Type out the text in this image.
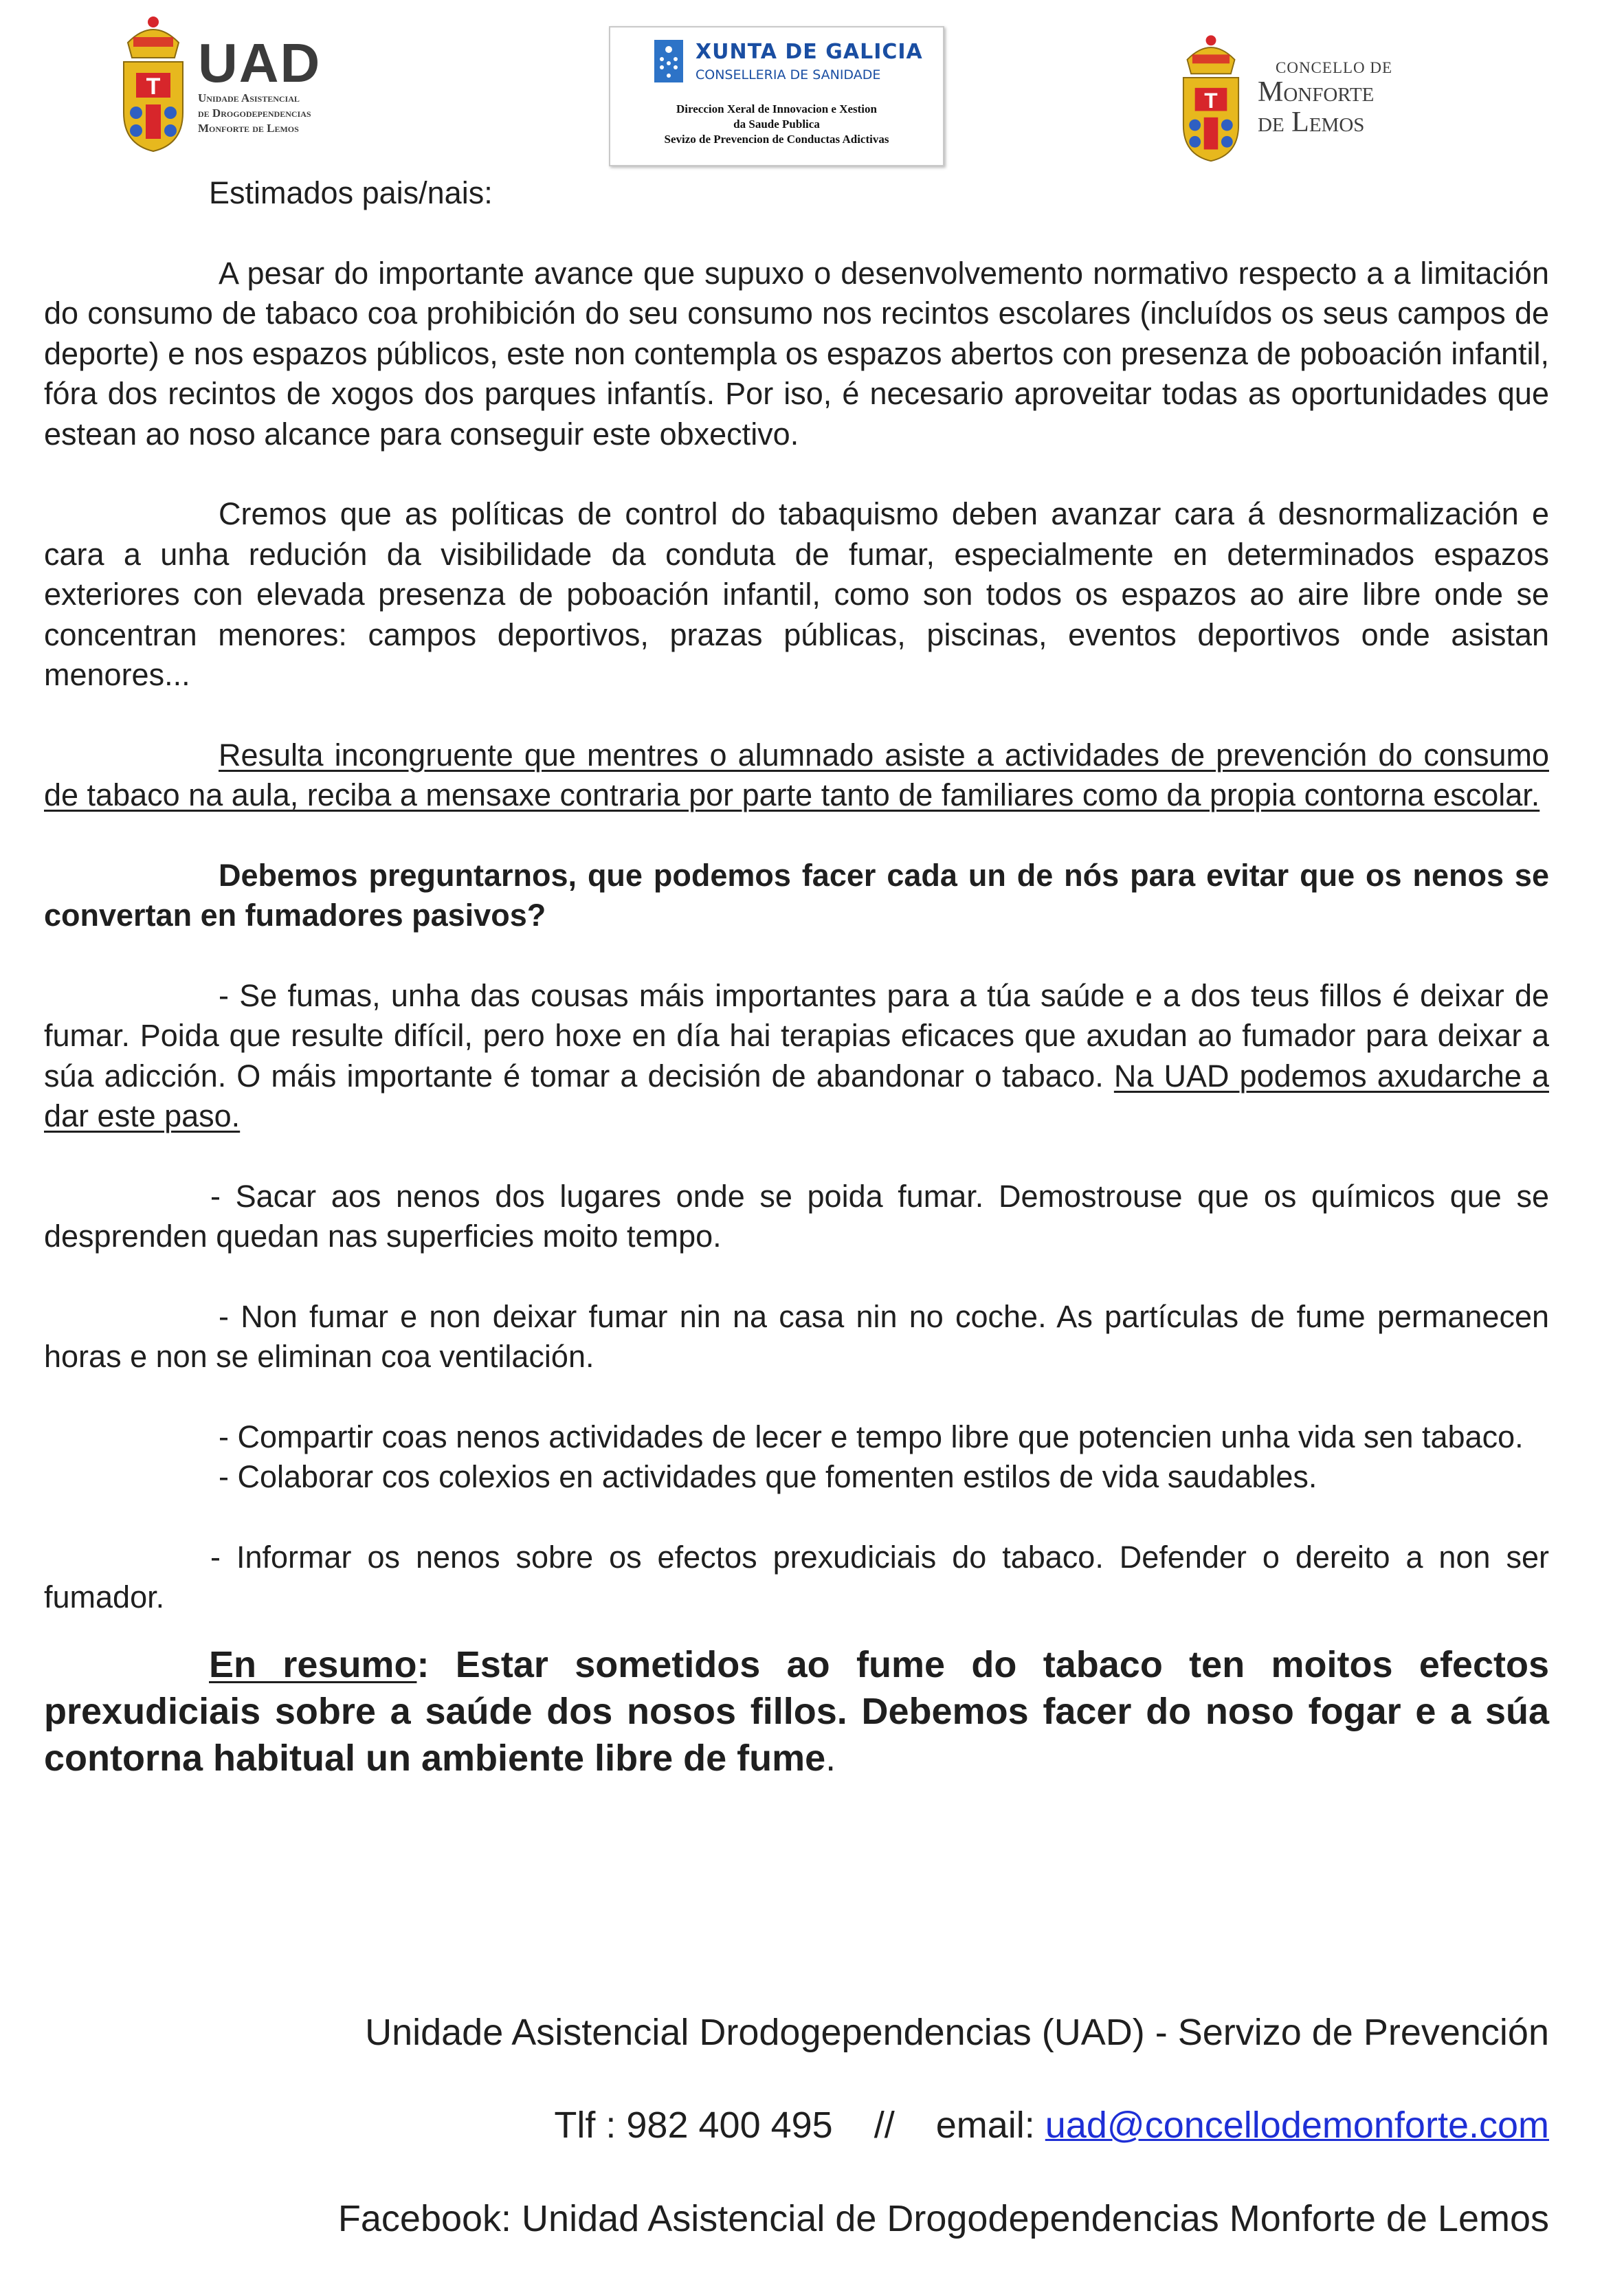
T UAD
Unidade Asistencial
de Drogodependencias
Monforte de Lemos
XUNTA DE GALICIA
CONSELLERIA DE SANIDADE
Direccion Xeral de Innovacion e Xestion
da Saude Publica
Sevizo de Prevencion de Conductas Adictivas
T
CONCELLO DE
Monforte
de Lemos

Estimados pais/nais:

A pesar do importante avance que supuxo o desenvolvemento normativo respecto a a limitación do consumo de tabaco coa prohibición do seu consumo nos recintos escolares (incluídos os seus campos de deporte) e nos espazos públicos, este non contempla os espazos abertos con presenza de poboación infantil, fóra dos recintos de xogos dos parques infantís. Por iso, é necesario aproveitar todas as oportunidades que estean ao noso alcance para conseguir este obxectivo.

Cremos que as políticas de control do tabaquismo deben avanzar cara á desnormalización e cara a unha redución da visibilidade da conduta de fumar, especialmente en determinados espazos exteriores con elevada presenza de poboación infantil, como son todos os espazos ao aire libre onde se concentran menores: campos deportivos, prazas públicas, piscinas, eventos deportivos onde asistan menores...

Resulta incongruente que mentres o alumnado asiste a actividades de prevención do consumo de tabaco na aula, reciba a mensaxe contraria por parte tanto de familiares como da propia contorna escolar.

Debemos preguntarnos, que podemos facer cada un de nós para evitar que os nenos se convertan en fumadores pasivos?

- Se fumas, unha das cousas máis importantes para a túa saúde e a dos teus fillos é deixar de fumar. Poida que resulte difícil, pero hoxe en día hai terapias eficaces que axudan ao fumador para deixar a súa adicción. O máis importante é tomar a decisión de abandonar o tabaco. Na UAD podemos axudarche a dar este paso.

- Sacar aos nenos dos lugares onde se poida fumar. Demostrouse que os químicos que se desprenden quedan nas superficies moito tempo.

- Non fumar e non deixar fumar nin na casa nin no coche. As partículas de fume permanecen horas e non se eliminan coa ventilación.

- Compartir coas nenos actividades de lecer e tempo libre que potencien unha vida sen tabaco.

- Colaborar cos colexios en actividades que fomenten estilos de vida saudables.

- Informar os nenos sobre os efectos prexudiciais do tabaco. Defender o dereito a non ser fumador.

En resumo: Estar sometidos ao fume do tabaco ten moitos efectos prexudiciais sobre a saúde dos nosos fillos. Debemos facer do noso fogar e a súa contorna habitual un ambiente libre de fume.

Unidade Asistencial Drodogependencias (UAD) - Servizo de Prevención
Tlf : 982 400 495    //    email: uad@concellodemonforte.com
Facebook: Unidad Asistencial de Drogodependencias Monforte de Lemos
